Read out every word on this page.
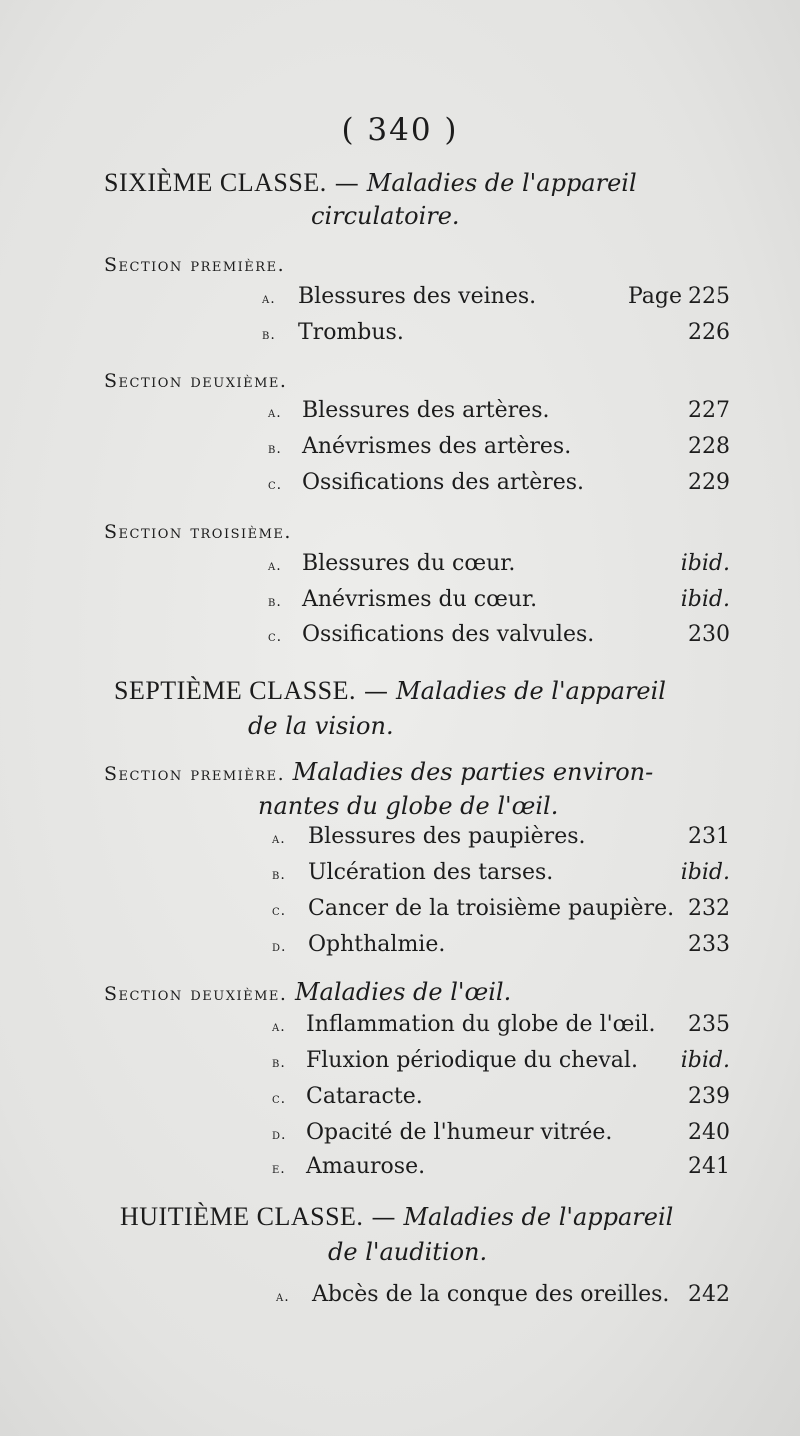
( 340 )
SIXIÈME CLASSE. — Maladies de l'appareil
circulatoire.
Section première.
a. Blessures des veines.	Page 225
b. Trombus.	226
Section deuxième.
a. Blessures des artères.	227
b. Anévrismes des artères.	228
c. Ossifications des artères.	229
Section troisième.
a. Blessures du cœur.	ibid.
b. Anévrismes du cœur.	ibid.
c. Ossifications des valvules.	230
SEPTIÈME CLASSE. — Maladies de l'appareil
de la vision.
Section première. Maladies des parties environ-
nantes du globe de l'œil.
a. Blessures des paupières.	231
b. Ulcération des tarses.	ibid.
c. Cancer de la troisième paupière. 232
d. Ophthalmie.	233
Section deuxième. Maladies de l'œil.
a. Inflammation du globe de l'œil. 235
b. Fluxion périodique du cheval. ibid.
c. Cataracte.	239
d. Opacité de l'humeur vitrée.	240
e. Amaurose.	241
HUITIÈME CLASSE. — Maladies de l'appareil
de l'audition.
a. Abcès de la conque des oreilles. 242
